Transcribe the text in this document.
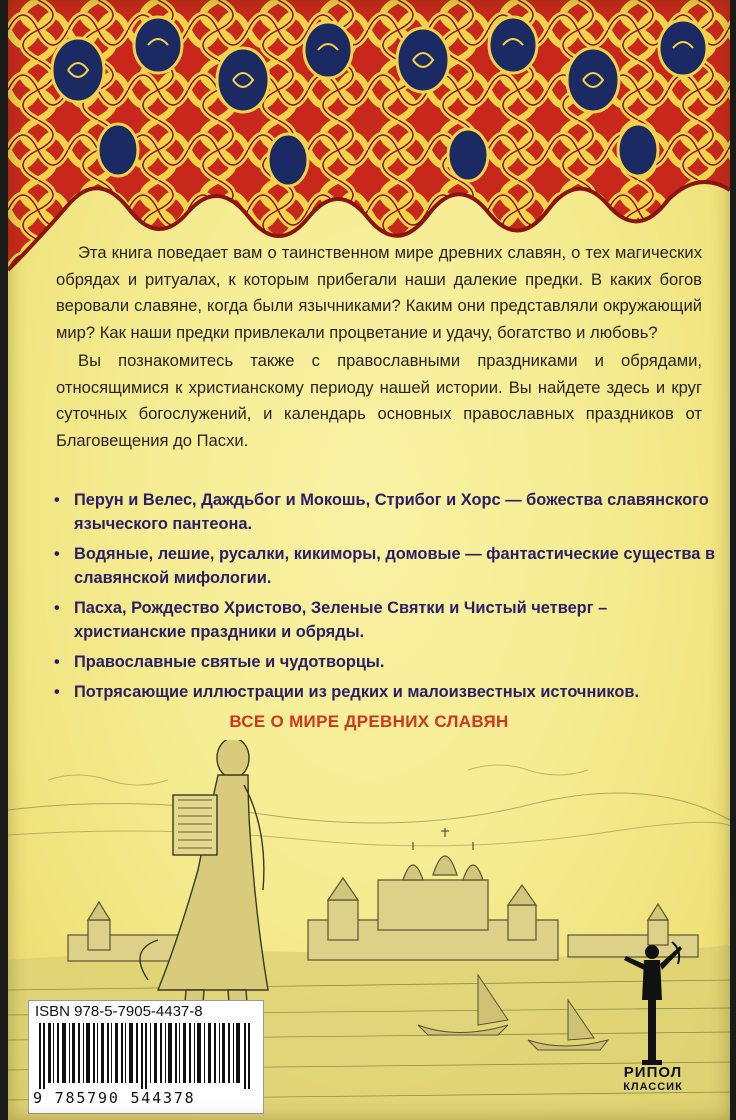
Эта книга поведает вам о таинственном мире древних славян, о тех магических обрядах и ритуалах, к которым прибегали наши далекие предки. В каких богов веровали славяне, когда были язычниками? Каким они представляли окружающий мир? Как наши предки привлекали процветание и удачу, богатство и любовь?

Вы познакомитесь также с православными праздниками и обрядами, относящимися к христианскому периоду нашей истории. Вы найдете здесь и круг суточных богослужений, и календарь основных православных праздников от Благовещения до Пасхи.

• Перун и Велес, Даждьбог и Мокошь, Стрибог и Хорс — божества славянского языческого пантеона.
• Водяные, лешие, русалки, кикиморы, домовые — фантастические существа в славянской мифологии.
• Пасха, Рождество Христово, Зеленые Святки и Чистый четверг – христианские праздники и обряды.
• Православные святые и чудотворцы.
• Потрясающие иллюстрации из редких и малоизвестных источников.
ВСЕ О МИРЕ ДРЕВНИХ СЛАВЯН
ISBN 978-5-7905-4437-8
9 785790 544378
РИПОЛ
КЛАССИК
